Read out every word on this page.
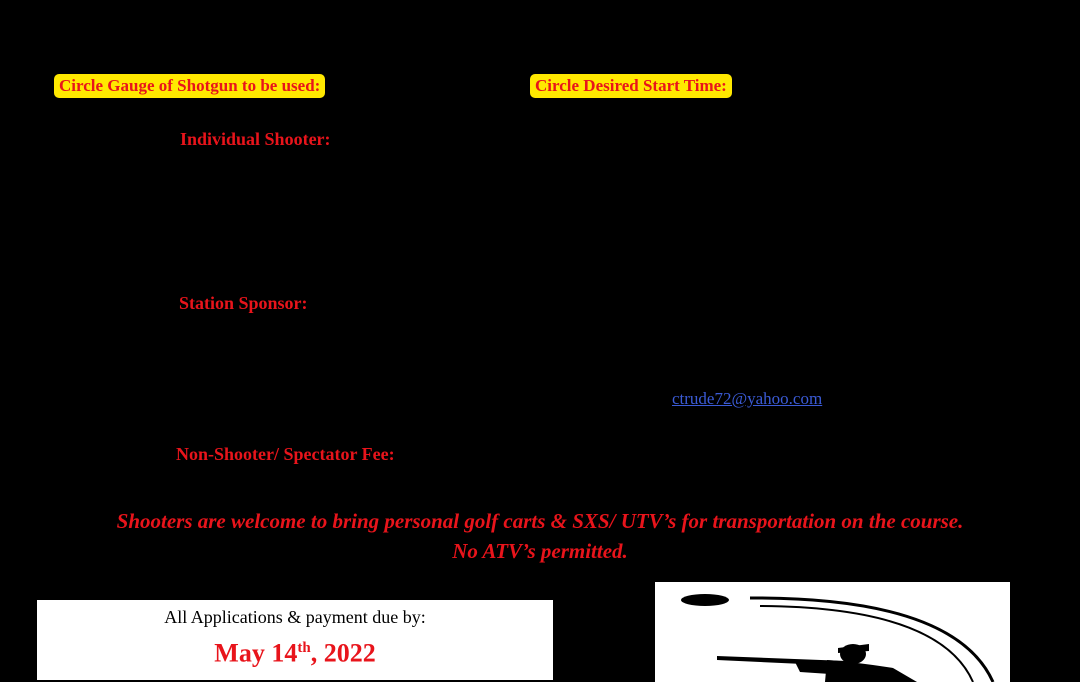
Circle Gauge of Shotgun to be used:	Circle Desired Start Time:
Individual Shooter:
Station Sponsor:
ctrude72@yahoo.com
Non-Shooter/ Spectator Fee:
Shooters are welcome to bring personal golf carts & SXS/ UTV’s for transportation on the course.
No ATV’s permitted.
All Applications & payment due by:
May 14th, 2022
